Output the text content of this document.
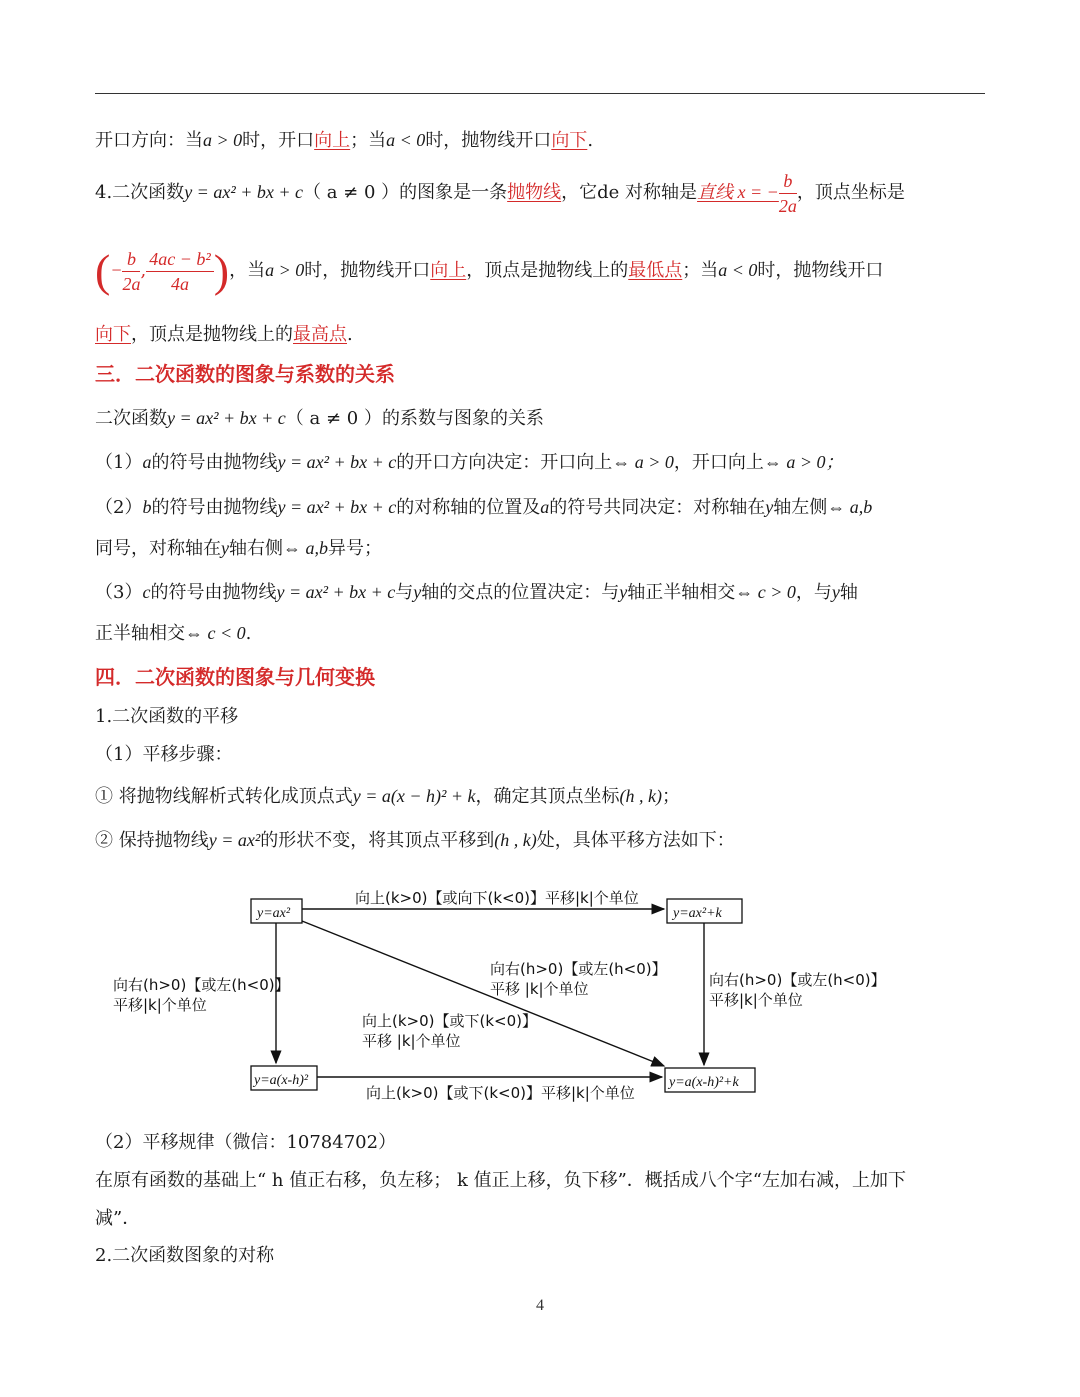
开口方向：当a > 0时，开口向上；当a < 0时，抛物线开口向下.
4.二次函数y = ax² + bx + c（ a ≠ 0 ）的图象是一条抛物线，它de 对称轴是直线 x = − $\frac{b}{2a}$ ，顶点坐标是
(− $\frac{b}{2a}$ , $\frac{\text{4ac − b²}}{4a}$ )，当a > 0时，抛物线开口向上，顶点是抛物线上的最低点；当a < 0时，抛物线开口
向下，顶点是抛物线上的最高点.
三．二次函数的图象与系数的关系
二次函数y = ax² + bx + c（ a ≠ 0 ）的系数与图象的关系
（1）a的符号由抛物线y = ax² + bx + c的开口方向决定：开口向上⇔ a > 0，开口向上⇔ a > 0；
（2）b的符号由抛物线y = ax² + bx + c的对称轴的位置及a的符号共同决定：对称轴在y轴左侧⇔ a,b
同号，对称轴在y轴右侧⇔ a,b异号；
（3）c的符号由抛物线y = ax² + bx + c与y轴的交点的位置决定：与y轴正半轴相交⇔ c > 0，与y轴
正半轴相交⇔ c < 0.
四．二次函数的图象与几何变换
1.二次函数的平移
（1）平移步骤：
① 将抛物线解析式转化成顶点式y = a(x − h)² + k，确定其顶点坐标(h , k)；
② 保持抛物线y = ax²的形状不变，将其顶点平移到(h , k)处，具体平移方法如下：
y=ax²	y=ax²+k
y=a(x-h)²	y=a(x-h)²+k
向上(k>0)【或向下(k<0)】平移|k|个单位
向上(k>0)【或下(k<0)】平移|k|个单位
向右(h>0)【或左(h<0)】
平移|k|个单位
向右(h>0)【或左(h<0)】
平移|k|个单位
向右(h>0)【或左(h<0)】
平移 |k|个单位
向上(k>0)【或下(k<0)】
平移 |k|个单位
（2）平移规律（微信：10784702）
在原有函数的基础上“ h 值正右移，负左移； k 值正上移，负下移”．概括成八个字“左加右减，上加下
减”．
2.二次函数图象的对称
4
